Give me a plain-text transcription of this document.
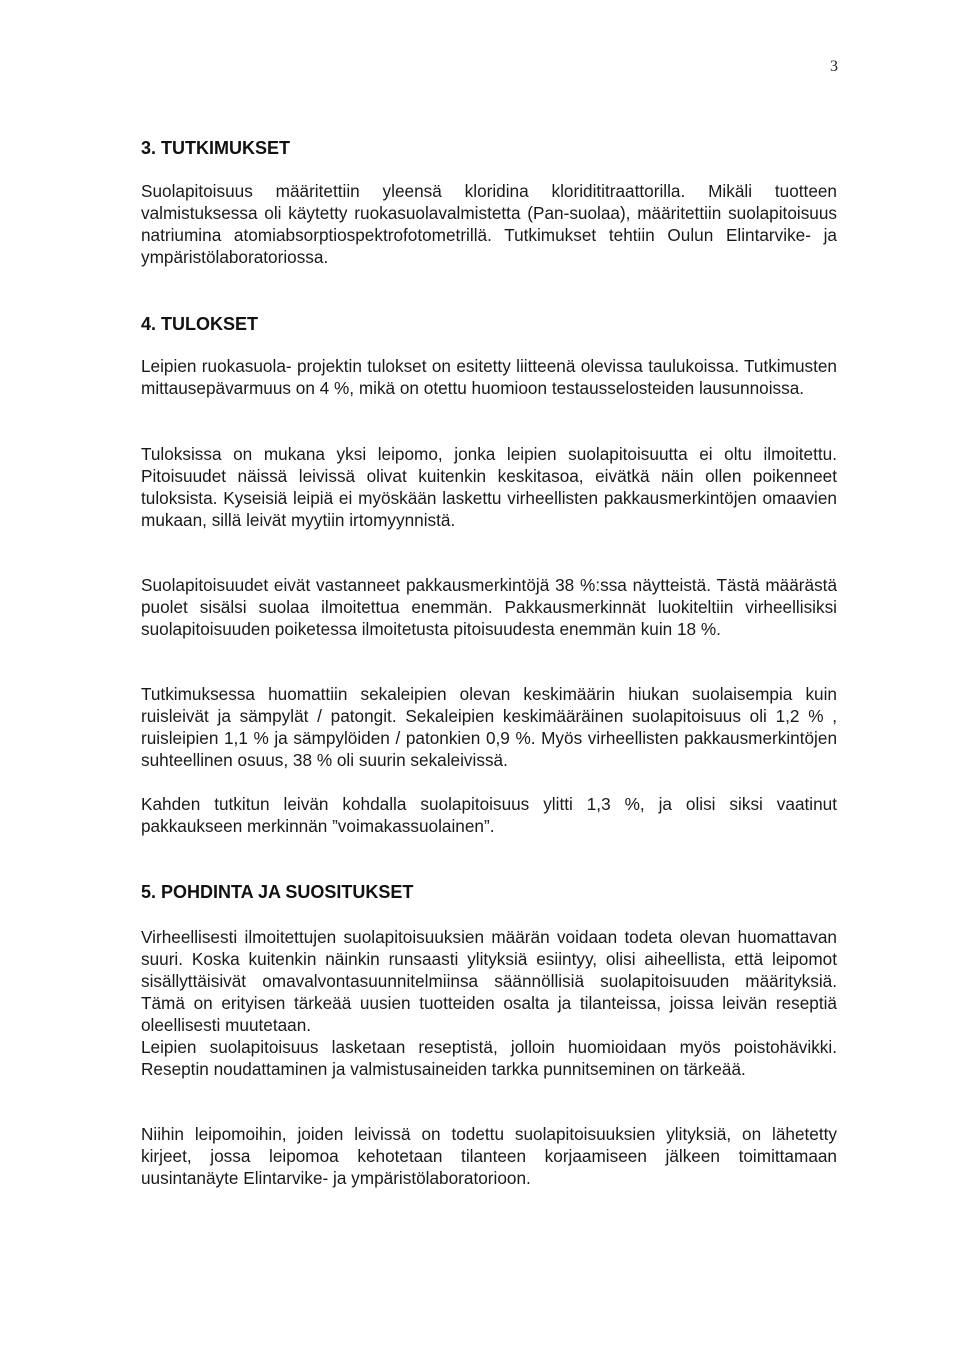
3
3. TUTKIMUKSET

Suolapitoisuus määritettiin yleensä kloridina kloridititraattorilla. Mikäli tuotteen valmistuksessa oli käytetty ruokasuolavalmistetta (Pan-suolaa), määritettiin suolapitoisuus natriumina atomiabsorptiospektrofotometrillä. Tutkimukset tehtiin Oulun Elintarvike- ja ympäristölaboratoriossa.

4. TULOKSET

Leipien ruokasuola- projektin tulokset on esitetty liitteenä olevissa taulukoissa. Tutkimusten mittausepävarmuus on 4 %, mikä on otettu huomioon testausselosteiden lausunnoissa.

Tuloksissa on mukana yksi leipomo, jonka leipien suolapitoisuutta ei oltu ilmoitettu. Pitoisuudet näissä leivissä olivat kuitenkin keskitasoa, eivätkä näin ollen poikenneet tuloksista. Kyseisiä leipiä ei myöskään laskettu virheellisten pakkausmerkintöjen omaavien mukaan, sillä leivät myytiin irtomyynnistä.

Suolapitoisuudet eivät vastanneet pakkausmerkintöjä 38 %:ssa näytteistä. Tästä määrästä puolet sisälsi suolaa ilmoitettua enemmän. Pakkausmerkinnät luokiteltiin virheellisiksi suolapitoisuuden poiketessa ilmoitetusta pitoisuudesta enemmän kuin 18 %.

Tutkimuksessa huomattiin sekaleipien olevan keskimäärin hiukan suolaisempia kuin ruisleivät ja sämpylät / patongit. Sekaleipien keskimääräinen suolapitoisuus oli 1,2 % , ruisleipien 1,1 % ja sämpylöiden / patonkien 0,9 %. Myös virheellisten pakkausmerkintöjen suhteellinen osuus, 38 % oli suurin sekaleivissä.

Kahden tutkitun leivän kohdalla suolapitoisuus ylitti 1,3 %, ja olisi siksi vaatinut pakkaukseen merkinnän ”voimakassuolainen”.

5. POHDINTA JA SUOSITUKSET

Virheellisesti ilmoitettujen suolapitoisuuksien määrän voidaan todeta olevan huomattavan suuri. Koska kuitenkin näinkin runsaasti ylityksiä esiintyy, olisi aiheellista, että leipomot sisällyttäisivät omavalvontasuunnitelmiinsa säännöllisiä suolapitoisuuden määrityksiä. Tämä on erityisen tärkeää uusien tuotteiden osalta ja tilanteissa, joissa leivän reseptiä oleellisesti muutetaan.

Leipien suolapitoisuus lasketaan reseptistä, jolloin huomioidaan myös poistohävikki. Reseptin noudattaminen ja valmistusaineiden tarkka punnitseminen on tärkeää.

Niihin leipomoihin, joiden leivissä on todettu suolapitoisuuksien ylityksiä, on lähetetty kirjeet, jossa leipomoa kehotetaan tilanteen korjaamiseen jälkeen toimittamaan uusintanäyte Elintarvike- ja ympäristölaboratorioon.
